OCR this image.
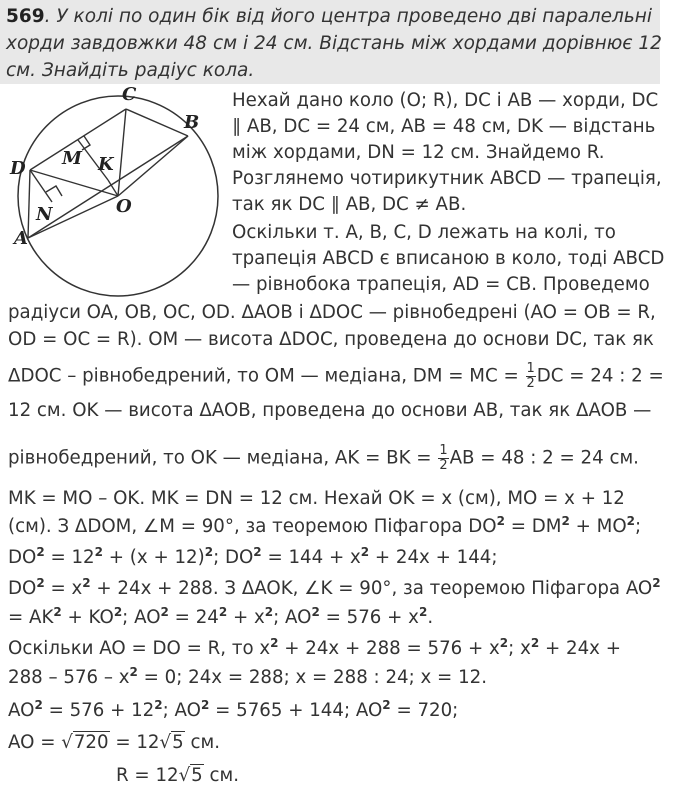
569. У колі по один бік від його центра проведено дві паралельні
хорди завдовжки 48 см і 24 см. Відстань між хордами дорівнює 12
см. Знайдіть радіус кола.
C
B
D M K
N	O
A
Нехай дано коло (O; R), DC і AB — хорди, DC
∥ AB, DC = 24 см, AB = 48 см, DK — відстань
між хордами, DN = 12 см. Знайдемо R.
Розглянемо чотирикутник ABCD — трапеція,
так як DC ∥ AB, DC ≠ AB.
Оскільки т. A, B, C, D лежать на колі, то
трапеція ABCD є вписаною в коло, тоді ABCD
— рівнобока трапеція, AD = CB. Проведемо
радіуси OA, OB, OC, OD. ΔAOB і ΔDOC — рівнобедрені (AO = OB = R,
OD = OC = R). OM — висота ΔDOC, проведена до основи DC, так як
ΔDOC – рівнобедрений, то OM — медіана, DM = MC = $\frac{1}{2}$ DC = 24 : 2 =
12 см. OK — висота ΔAOB, проведена до основи AB, так як ΔAOB —
рівнобедрений, то OK — медіана, AK = BK = $\frac{1}{2}$ AB = 48 : 2 = 24 см.
MK = MO – OK. MK = DN = 12 см. Нехай OK = x (см), MO = x + 12
(см). З ΔDOM, ∠M = 90°, за теоремою Піфагора $DO^2 = DM^2 + MO^2$;
$DO^2 = 12^2 + (x + 12)^2$; $DO^2 = 144 + x^2 + 24x + 144$;
$DO^2 = x^2 + 24x + 288$. З ΔAOK, ∠K = 90°, за теоремою Піфагора $AO^2$
= $AK^2 + KO^2$; $AO^2 = 24^2 + x^2$; $AO^2 = 576 + x^2$.
Оскільки AO = DO = R, то $x^2 + 24x + 288 = 576 + x^2$; $x^2 + 24x$ +
$288 - 576 - x^2 = 0$; 24x = 288; x = 288 : 24; x = 12.
$AO^2 = 576 + 12^2$; $AO^2 = 5765 + 144$; $AO^2 = 720$;
AO = √720 = 12√5 см.
R = 12√5 см.
